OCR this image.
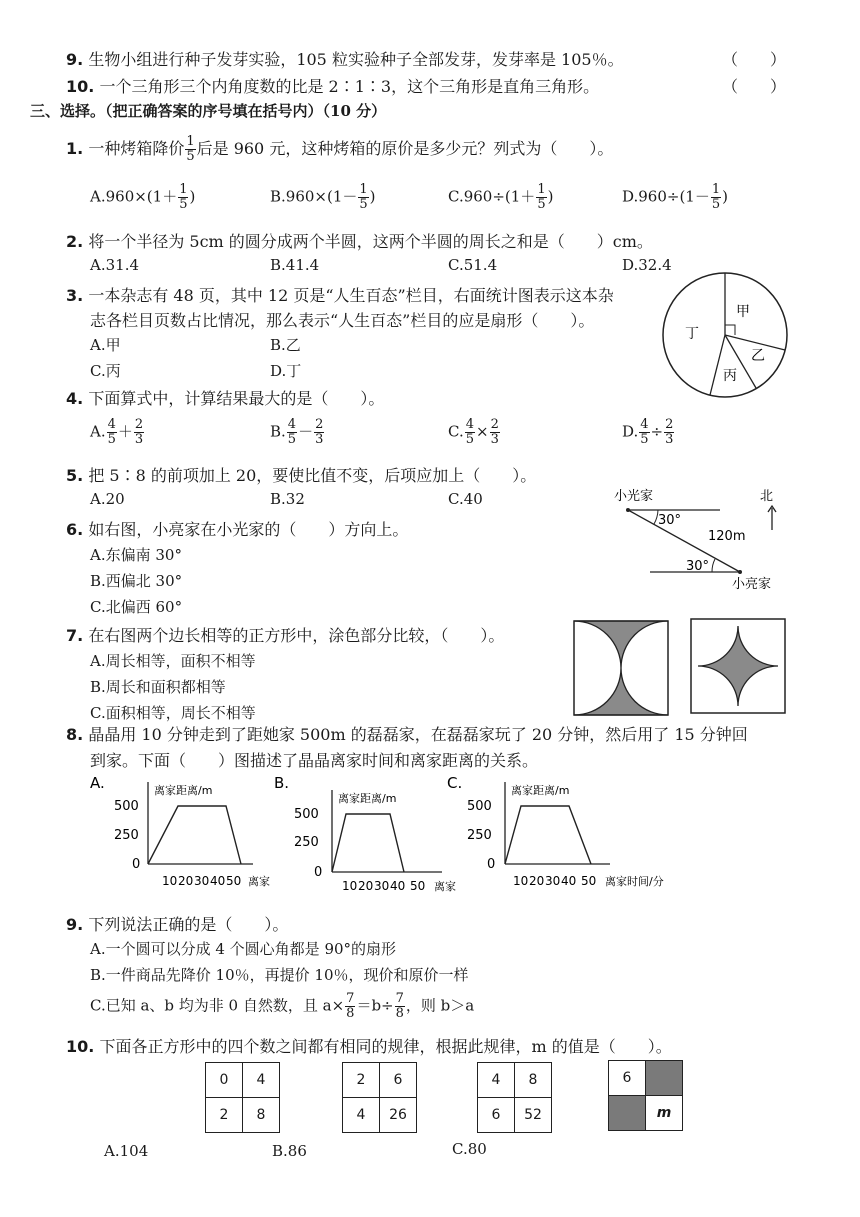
9. 生物小组进行种子发芽实验，105 粒实验种子全部发芽，发芽率是 105％。	（　　）
10. 一个三角形三个内角度数的比是 2∶1∶3，这个三角形是直角三角形。	（　　）
三、选择。（把正确答案的序号填在括号内）（10 分）
1. 一种烤箱降价 $\frac{1}{5}$ 后是 960 元，这种烤箱的原价是多少元？列式为（　　）。
$A.960\times(1+ \frac{1}{5}$ )	$B.960\times(1- \frac{1}{5}$ )	$C.960\div(1+ \frac{1}{5}$ )	$D.960\div(1- \frac{1}{5}$ )
2. 将一个半径为 5cm 的圆分成两个半圆，这两个半圆的周长之和是（　　）cm。
A.31.4	B.41.4	C.51.4	D.32.4
3. 一本杂志有 48 页，其中 12 页是“人生百态”栏目，右面统计图表示这本杂
志各栏目页数占比情况，那么表示“人生百态”栏目的应是扇形（　　）。
A.甲	B.乙
C.丙	D.丁
甲
乙
丙
丁
4. 下面算式中，计算结果最大的是（　　）。
A. $\frac{4}{5} + \frac{2}{3}$	B. $\frac{4}{5} - \frac{2}{3}$	C. $\frac{4}{5} \times \frac{2}{3}$	D. $\frac{4}{5} \div \frac{2}{3}$
5. 把 5∶8 的前项加上 20，要使比值不变，后项应加上（　　）。
A.20	B.32	C.40
6. 如右图，小亮家在小光家的（　　）方向上。
A.东偏南 30°
B.西偏北 30°
C.北偏西 60°
小光家	北
30°
120m
30°
小亮家
7. 在右图两个边长相等的正方形中，涂色部分比较，（　　）。
A.周长相等，面积不相等
B.周长和面积都相等
C.面积相等，周长不相等
8. 晶晶用 10 分钟走到了距她家 500m 的磊磊家，在磊磊家玩了 20 分钟，然后用了 15 分钟回
到家。下面（　　）图描述了晶晶离家时间和离家距离的关系。
A.	离家距离/m
500
250
0
10 20 30 40 50 离家
B.
离家距离/m
500
250
0
10 20 30 40 50 离家
C.	离家距离/m
500
250
0
10 20 30 40 50 离家时间/分
9. 下列说法正确的是（　　）。
A.一个圆可以分成 4 个圆心角都是 90°的扇形
B.一件商品先降价 10％，再提价 10％，现价和原价一样
C.已知 a、b 均为非 0 自然数，且 $a\times \frac{7}{8} =b\div \frac{7}{8}$ ，则 b＞a
10. 下面各正方形中的四个数之间都有相同的规律，根据此规律，m 的值是（　　）。
0	4
2	8
2	6
4	26
4	8
6	52
6	
	m
A.104	B.86	C.80
